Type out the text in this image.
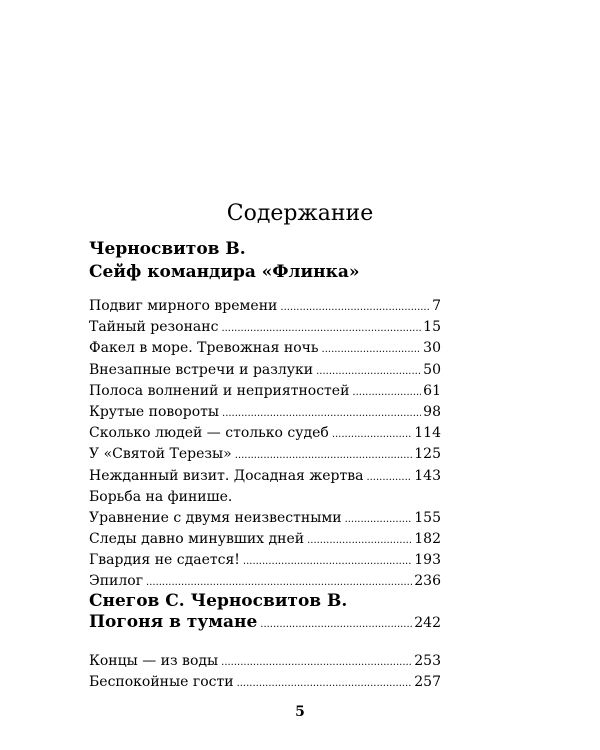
Содержание
Черносвитов В.
Сейф командира «Флинка»
Подвиг мирного времени .....	7
Тайный резонанс .....	15
Факел в море. Тревожная ночь .....	30
Внезапные встречи и разлуки .....	50
Полоса волнений и неприятностей .....	61
Крутые повороты .....	98
Сколько людей — столько судеб .....	114
У «Святой Терезы» .....	125
Нежданный визит. Досадная жертва .....	143
Борьба на финише.
Уравнение с двумя неизвестными .....	155
Следы давно минувших дней .....	182
Гвардия не сдается! .....	193
Эпилог .....	236
Снегов С. Черносвитов В.
Погоня в тумане .....	242
Концы — из воды .....	253
Беспокойные гости .....	257
5
